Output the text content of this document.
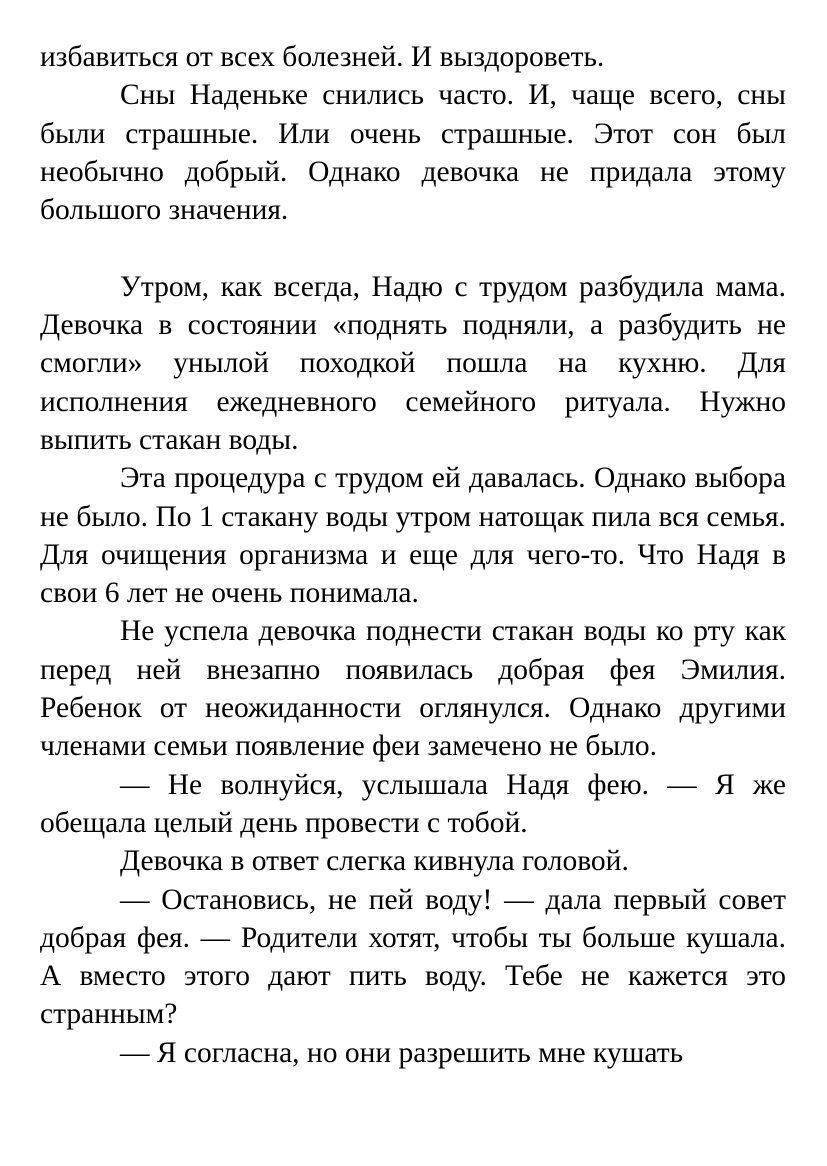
избавиться от всех болезней. И выздороветь.

Сны Наденьке снились часто. И, чаще всего, сны были страшные. Или очень страшные. Этот сон был необычно добрый. Однако девочка не придала этому большого значения.

Утром, как всегда, Надю с трудом разбудила мама. Девочка в состоянии «поднять подняли, а разбудить не смогли» унылой походкой пошла на кухню. Для исполнения ежедневного семейного ритуала. Нужно выпить стакан воды.

Эта процедура с трудом ей давалась. Однако выбора не было. По 1 стакану воды утром натощак пила вся семья. Для очищения организма и еще для чего-то. Что Надя в свои 6 лет не очень понимала.

Не успела девочка поднести стакан воды ко рту как перед ней внезапно появилась добрая фея Эмилия. Ребенок от неожиданности оглянулся. Однако другими членами семьи появление феи замечено не было.

— Не волнуйся, услышала Надя фею. — Я же обещала целый день провести с тобой.

Девочка в ответ слегка кивнула головой.

— Остановись, не пей воду! — дала первый совет добрая фея. — Родители хотят, чтобы ты больше кушала. А вместо этого дают пить воду. Тебе не кажется это странным?

— Я согласна, но они разрешить мне кушать
